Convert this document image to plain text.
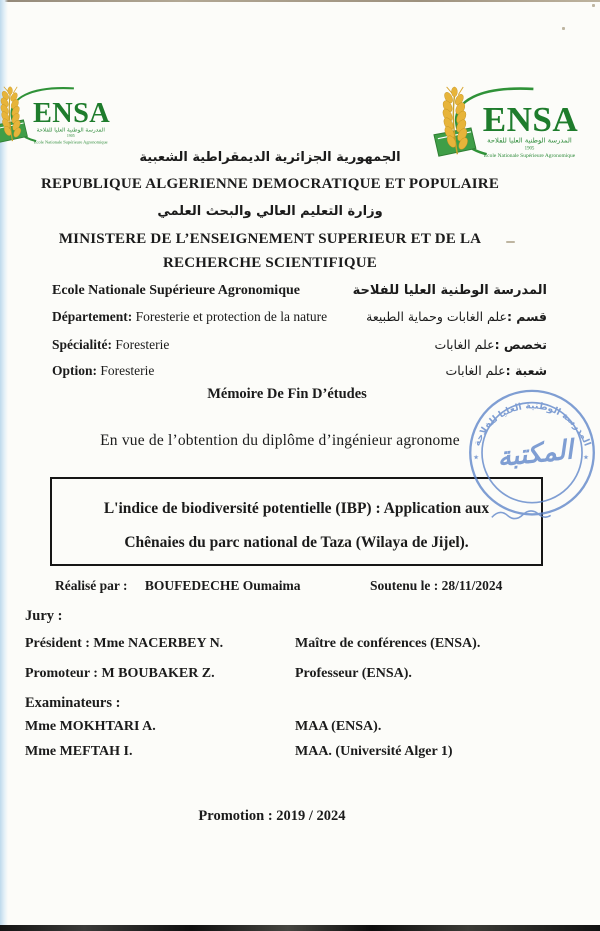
ENSA
المدرسة الوطنية العليا للفلاحة
1905
Ecole Nationale Supérieure Agronomique
ENSA
المدرسة الوطنية العليا للفلاحة
1905
Ecole Nationale Supérieure Agronomique
الجمهورية الجزائرية الديمقراطية الشعبية
REPUBLIQUE ALGERIENNE DEMOCRATIQUE ET POPULAIRE
وزارة التعليم العالي والبحث العلمي
MINISTERE DE L’ENSEIGNEMENT SUPERIEUR ET DE LA
RECHERCHE SCIENTIFIQUE
Ecole Nationale Supérieure Agronomique	المدرسة الوطنية العليا للفلاحة
Département: Foresterie et protection de la nature	قسم :علم الغابات وحماية الطبيعة
Spécialité: Foresterie	تخصص :علم الغابات
Option: Foresterie	شعبة :علم الغابات
Mémoire De Fin D’études
En vue de l’obtention du diplôme d’ingénieur agronome	المدرسة الوطنية العليا للفلاحة
٭	٭
المكتبة
L'indice de biodiversité potentielle (IBP) : Application aux
Chênaies du parc national de Taza (Wilaya de Jijel).
Réalisé par : BOUFEDECHE Oumaima	Soutenu le : 28/11/2024
Jury :
Président : Mme NACERBEY N.	Maître de conférences (ENSA).
Promoteur : M BOUBAKER Z.	Professeur (ENSA).
Examinateurs :
Mme MOKHTARI A.	MAA (ENSA).
Mme MEFTAH I.	MAA. (Université Alger 1)
Promotion : 2019 / 2024
